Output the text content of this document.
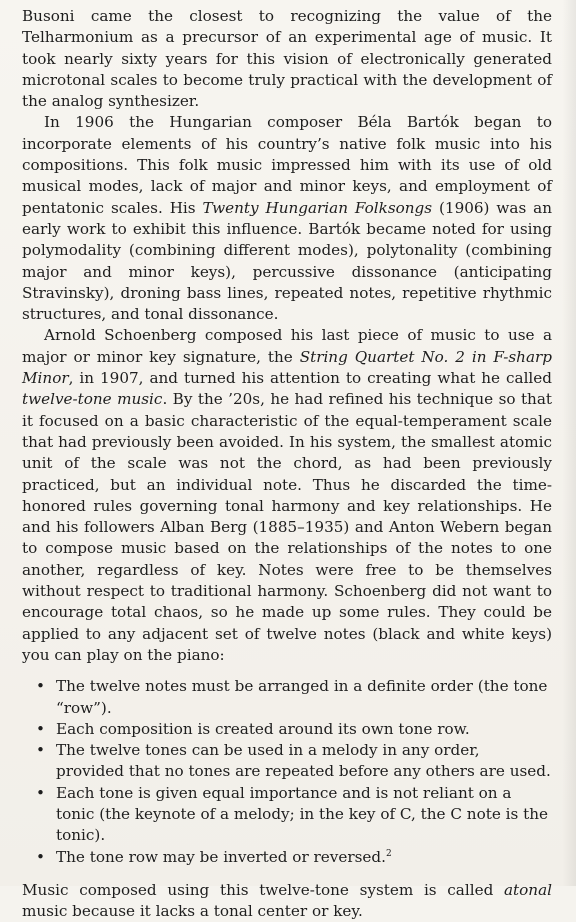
Busoni came the closest to recognizing the value of the Telharmonium as a precursor of an experimental age of music. It took nearly sixty years for this vision of electronically generated microtonal scales to become truly practical with the development of the analog synthesizer.

In 1906 the Hungarian composer Béla Bartók began to incorporate elements of his country’s native folk music into his compositions. This folk music impressed him with its use of old musical modes, lack of major and minor keys, and employment of pentatonic scales. His Twenty Hungarian Folksongs (1906) was an early work to exhibit this influence. Bartók became noted for using polymodality (combining different modes), polytonality (combining major and minor keys), percussive dissonance (anticipating Stravinsky), droning bass lines, repeated notes, repetitive rhythmic structures, and tonal dissonance.

Arnold Schoenberg composed his last piece of music to use a major or minor key signature, the String Quartet No. 2 in F-sharp Minor, in 1907, and turned his attention to creating what he called twelve-tone music. By the ’20s, he had refined his technique so that it focused on a basic characteristic of the equal-temperament scale that had previously been avoided. In his system, the smallest atomic unit of the scale was not the chord, as had been previously practiced, but an individual note. Thus he discarded the time-honored rules governing tonal harmony and key relationships. He and his followers Alban Berg (1885–1935) and Anton Webern began to compose music based on the relationships of the notes to one another, regardless of key. Notes were free to be themselves without respect to traditional harmony. Schoenberg did not want to encourage total chaos, so he made up some rules. They could be applied to any adjacent set of twelve notes (black and white keys) you can play on the piano:

• The twelve notes must be arranged in a definite order (the tone “row”).
• Each composition is created around its own tone row.
• The twelve tones can be used in a melody in any order, provided that no tones are repeated before any others are used.
• Each tone is given equal importance and is not reliant on a tonic (the keynote of a melody; in the key of C, the C note is the tonic).
• The tone row may be inverted or reversed.$^2$

Music composed using this twelve-tone system is called atonal music because it lacks a tonal center or key.
